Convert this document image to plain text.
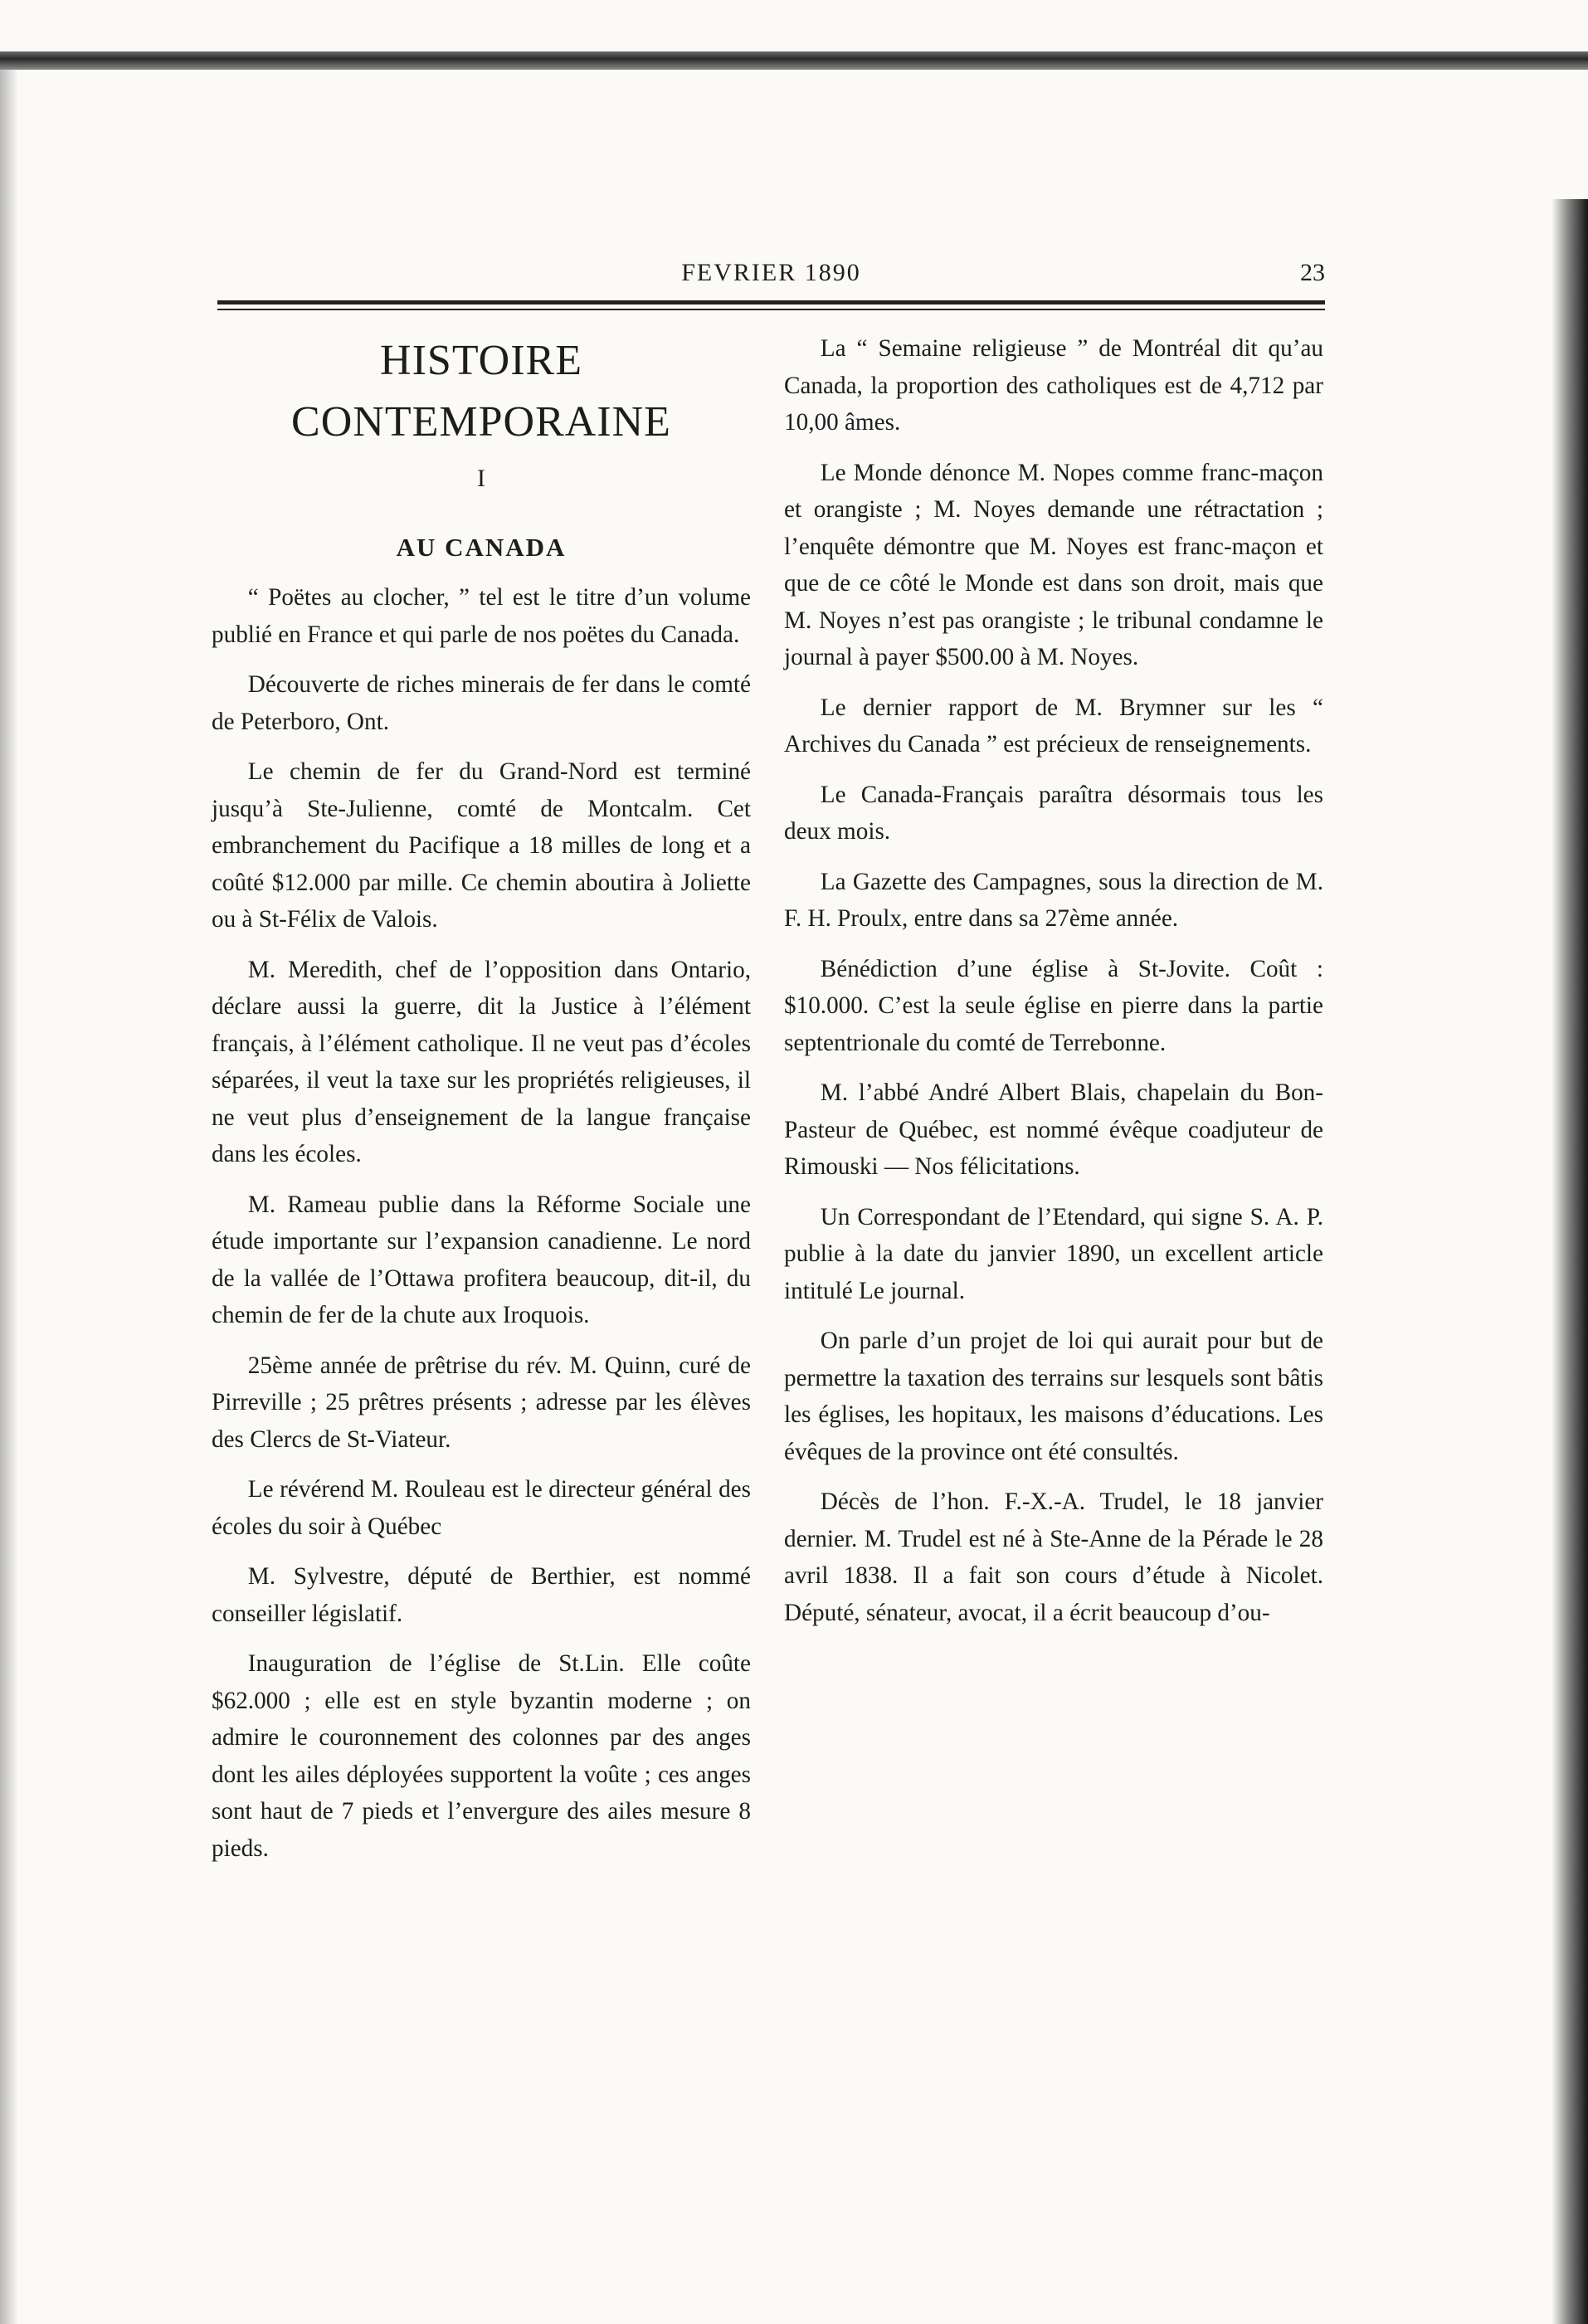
FEVRIER 1890	23
HISTOIRE CONTEMPORAINE
I
AU CANADA

“ Poëtes au clocher, ” tel est le titre d’un volume publié en France et qui parle de nos poëtes du Canada.

Découverte de riches minerais de fer dans le comté de Peterboro, Ont.

Le chemin de fer du Grand-Nord est terminé jusqu’à Ste-Julienne, comté de Montcalm. Cet embranchement du Pacifique a 18 milles de long et a coûté $12.000 par mille. Ce chemin aboutira à Joliette ou à St-Félix de Valois.

M. Meredith, chef de l’opposition dans Ontario, déclare aussi la guerre, dit la Justice à l’élément français, à l’élément catholique. Il ne veut pas d’écoles séparées, il veut la taxe sur les propriétés religieuses, il ne veut plus d’enseignement de la langue française dans les écoles.

M. Rameau publie dans la Réforme Sociale une étude importante sur l’expansion canadienne. Le nord de la vallée de l’Ottawa profitera beaucoup, dit-il, du chemin de fer de la chute aux Iroquois.

25ème année de prêtrise du rév. M. Quinn, curé de Pirreville ; 25 prêtres présents ; adresse par les élèves des Clercs de St-Viateur.

Le révérend M. Rouleau est le directeur général des écoles du soir à Québec

M. Sylvestre, député de Berthier, est nommé conseiller législatif.

Inauguration de l’église de St.Lin. Elle coûte $62.000 ; elle est en style byzantin moderne ; on admire le couronnement des colonnes par des anges dont les ailes déployées supportent la voûte ; ces anges sont haut de 7 pieds et l’envergure des ailes mesure 8 pieds.

La “ Semaine religieuse ” de Montréal dit qu’au Canada, la proportion des catholiques est de 4,712 par 10,00 âmes.

Le Monde dénonce M. Nopes comme franc-maçon et orangiste ; M. Noyes demande une rétractation ; l’enquête démontre que M. Noyes est franc-maçon et que de ce côté le Monde est dans son droit, mais que M. Noyes n’est pas orangiste ; le tribunal condamne le journal à payer $500.00 à M. Noyes.

Le dernier rapport de M. Brymner sur les “ Archives du Canada ” est précieux de renseignements.

Le Canada-Français paraîtra désormais tous les deux mois.

La Gazette des Campagnes, sous la direction de M. F. H. Proulx, entre dans sa 27ème année.

Bénédiction d’une église à St-Jovite. Coût : $10.000. C’est la seule église en pierre dans la partie septentrionale du comté de Terrebonne.

M. l’abbé André Albert Blais, chapelain du Bon-Pasteur de Québec, est nommé évêque coadjuteur de Rimouski — Nos félicitations.

Un Correspondant de l’Etendard, qui signe S. A. P. publie à la date du janvier 1890, un excellent article intitulé Le journal.

On parle d’un projet de loi qui aurait pour but de permettre la taxation des terrains sur lesquels sont bâtis les églises, les hopitaux, les maisons d’éducations. Les évêques de la province ont été consultés.

Décès de l’hon. F.-X.-A. Trudel, le 18 janvier dernier. M. Trudel est né à Ste-Anne de la Pérade le 28 avril 1838. Il a fait son cours d’étude à Nicolet. Député, sénateur, avocat, il a écrit beaucoup d’ou-
